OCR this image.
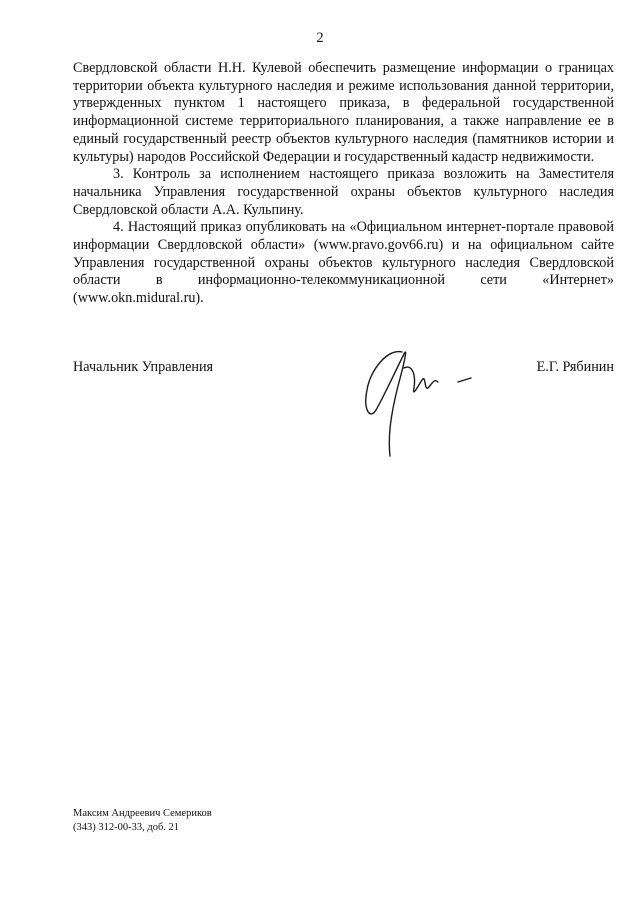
2

Свердловской области Н.Н. Кулевой обеспечить размещение информации о границах территории объекта культурного наследия и режиме использования данной территории, утвержденных пунктом 1 настоящего приказа, в федеральной государственной информационной системе территориального планирования, а также направление ее в единый государственный реестр объектов культурного наследия (памятников истории и культуры) народов Российской Федерации и государственный кадастр недвижимости.

3. Контроль за исполнением настоящего приказа возложить на Заместителя начальника Управления государственной охраны объектов культурного наследия Свердловской области А.А. Кульпину.

4. Настоящий приказ опубликовать на «Официальном интернет-портале правовой информации Свердловской области» (www.pravo.gov66.ru) и на официальном сайте Управления государственной охраны объектов культурного наследия Свердловской области в информационно-телекоммуникационной сети «Интернет» (www.okn.midural.ru).

Начальник Управления	Е.Г. Рябинин
Максим Андреевич Семериков
(343) 312-00-33, доб. 21
